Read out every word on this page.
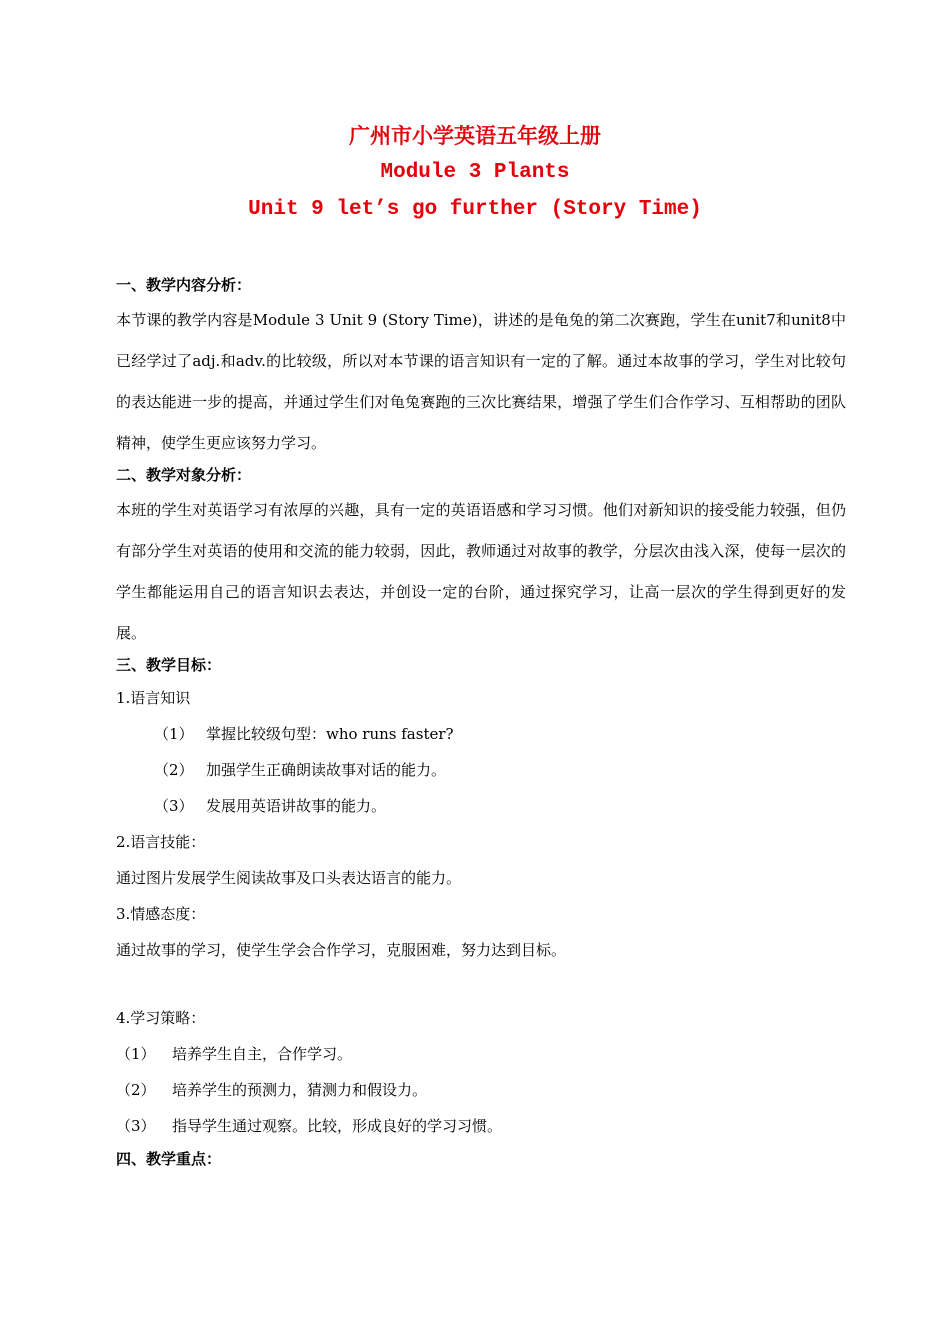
广州市小学英语五年级上册
Module 3 Plants
Unit 9 let’s go further (Story Time)
一、教学内容分析：
本节课的教学内容是Module 3 Unit 9 (Story Time)，讲述的是龟兔的第二次赛跑，学生在unit7和unit8中已经学过了adj.和adv.的比较级，所以对本节课的语言知识有一定的了解。通过本故事的学习，学生对比较句的表达能进一步的提高，并通过学生们对龟兔赛跑的三次比赛结果，增强了学生们合作学习、互相帮助的团队精神，使学生更应该努力学习。
二、教学对象分析：
本班的学生对英语学习有浓厚的兴趣，具有一定的英语语感和学习习惯。他们对新知识的接受能力较强，但仍有部分学生对英语的使用和交流的能力较弱，因此，教师通过对故事的教学，分层次由浅入深，使每一层次的学生都能运用自己的语言知识去表达，并创设一定的台阶，通过探究学习，让高一层次的学生得到更好的发展。
三、教学目标：
1.语言知识
（1） 掌握比较级句型：who runs faster?
（2） 加强学生正确朗读故事对话的能力。
（3） 发展用英语讲故事的能力。
2.语言技能：
通过图片发展学生阅读故事及口头表达语言的能力。
3.情感态度：
通过故事的学习，使学生学会合作学习，克服困难，努力达到目标。
4.学习策略：
（1） 培养学生自主，合作学习。
（2） 培养学生的预测力，猜测力和假设力。
（3） 指导学生通过观察。比较，形成良好的学习习惯。
四、教学重点：
